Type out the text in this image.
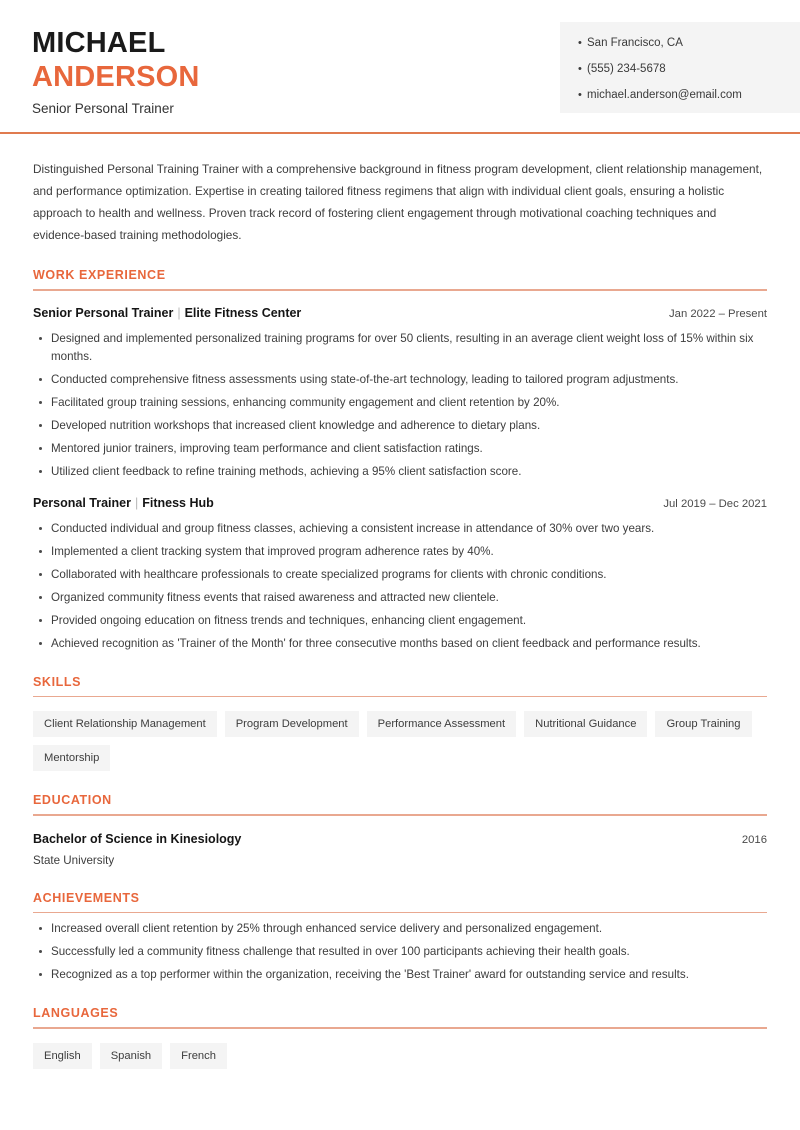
MICHAEL
ANDERSON
Senior Personal Trainer
• San Francisco, CA
• (555) 234-5678
• michael.anderson@email.com

Distinguished Personal Training Trainer with a comprehensive background in fitness program development, client relationship management, and performance optimization. Expertise in creating tailored fitness regimens that align with individual client goals, ensuring a holistic approach to health and wellness. Proven track record of fostering client engagement through motivational coaching techniques and evidence-based training methodologies.

WORK EXPERIENCE
Senior Personal Trainer | Elite Fitness Center	Jan 2022 – Present
Designed and implemented personalized training programs for over 50 clients, resulting in an average client weight loss of 15% within six months.
Conducted comprehensive fitness assessments using state-of-the-art technology, leading to tailored program adjustments.
Facilitated group training sessions, enhancing community engagement and client retention by 20%.
Developed nutrition workshops that increased client knowledge and adherence to dietary plans.
Mentored junior trainers, improving team performance and client satisfaction ratings.
Utilized client feedback to refine training methods, achieving a 95% client satisfaction score.
Personal Trainer | Fitness Hub	Jul 2019 – Dec 2021
Conducted individual and group fitness classes, achieving a consistent increase in attendance of 30% over two years.
Implemented a client tracking system that improved program adherence rates by 40%.
Collaborated with healthcare professionals to create specialized programs for clients with chronic conditions.
Organized community fitness events that raised awareness and attracted new clientele.
Provided ongoing education on fitness trends and techniques, enhancing client engagement.
Achieved recognition as 'Trainer of the Month' for three consecutive months based on client feedback and performance results.
SKILLS
Client Relationship Management	Program Development	Performance Assessment	Nutritional Guidance	Group Training
Mentorship
EDUCATION
Bachelor of Science in Kinesiology	2016
State University
ACHIEVEMENTS
Increased overall client retention by 25% through enhanced service delivery and personalized engagement.
Successfully led a community fitness challenge that resulted in over 100 participants achieving their health goals.
Recognized as a top performer within the organization, receiving the 'Best Trainer' award for outstanding service and results.
LANGUAGES
English	Spanish	French
